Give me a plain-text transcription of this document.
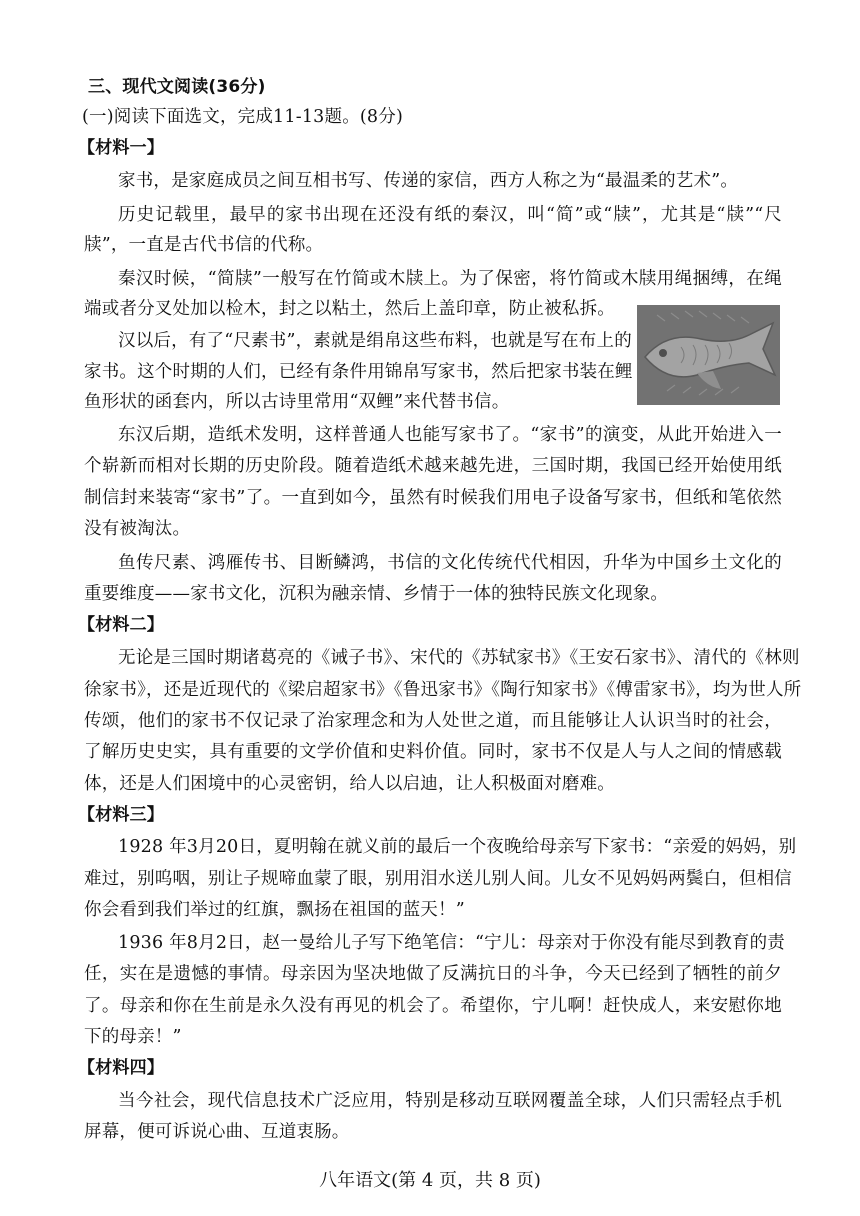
三、现代文阅读(36分)
(一)阅读下面选文，完成11-13题。(8分)
【材料一】
家书，是家庭成员之间互相书写、传递的家信，西方人称之为“最温柔的艺术”。
历史记载里，最早的家书出现在还没有纸的秦汉，叫“简”或“牍”，尤其是“牍”“尺
牍”，一直是古代书信的代称。
秦汉时候，“简牍”一般写在竹简或木牍上。为了保密，将竹简或木牍用绳捆缚，在绳
端或者分叉处加以检木，封之以粘土，然后上盖印章，防止被私拆。
汉以后，有了“尺素书”，素就是绢帛这些布料，也就是写在布上的
家书。这个时期的人们，已经有条件用锦帛写家书，然后把家书装在鲤
鱼形状的函套内，所以古诗里常用“双鲤”来代替书信。
东汉后期，造纸术发明，这样普通人也能写家书了。“家书”的演变，从此开始进入一
个崭新而相对长期的历史阶段。随着造纸术越来越先进，三国时期，我国已经开始使用纸
制信封来装寄“家书”了。一直到如今，虽然有时候我们用电子设备写家书，但纸和笔依然
没有被淘汰。
鱼传尺素、鸿雁传书、目断鳞鸿，书信的文化传统代代相因，升华为中国乡土文化的
重要维度——家书文化，沉积为融亲情、乡情于一体的独特民族文化现象。
【材料二】
无论是三国时期诸葛亮的《诫子书》、宋代的《苏轼家书》《王安石家书》、清代的《林则
徐家书》，还是近现代的《梁启超家书》《鲁迅家书》《陶行知家书》《傅雷家书》，均为世人所
传颂，他们的家书不仅记录了治家理念和为人处世之道，而且能够让人认识当时的社会，
了解历史史实，具有重要的文学价值和史料价值。同时，家书不仅是人与人之间的情感载
体，还是人们困境中的心灵密钥，给人以启迪，让人积极面对磨难。
【材料三】
1928 年3月20日，夏明翰在就义前的最后一个夜晚给母亲写下家书：“亲爱的妈妈，别
难过，别呜咽，别让子规啼血蒙了眼，别用泪水送儿别人间。儿女不见妈妈两鬓白，但相信
你会看到我们举过的红旗，飘扬在祖国的蓝天！”
1936 年8月2日，赵一曼给儿子写下绝笔信：“宁儿：母亲对于你没有能尽到教育的责
任，实在是遗憾的事情。母亲因为坚决地做了反满抗日的斗争，今天已经到了牺牲的前夕
了。母亲和你在生前是永久没有再见的机会了。希望你，宁儿啊！赶快成人，来安慰你地
下的母亲！”
【材料四】
当今社会，现代信息技术广泛应用，特别是移动互联网覆盖全球，人们只需轻点手机
屏幕，便可诉说心曲、互道衷肠。
八年语文(第 4 页，共 8 页)
